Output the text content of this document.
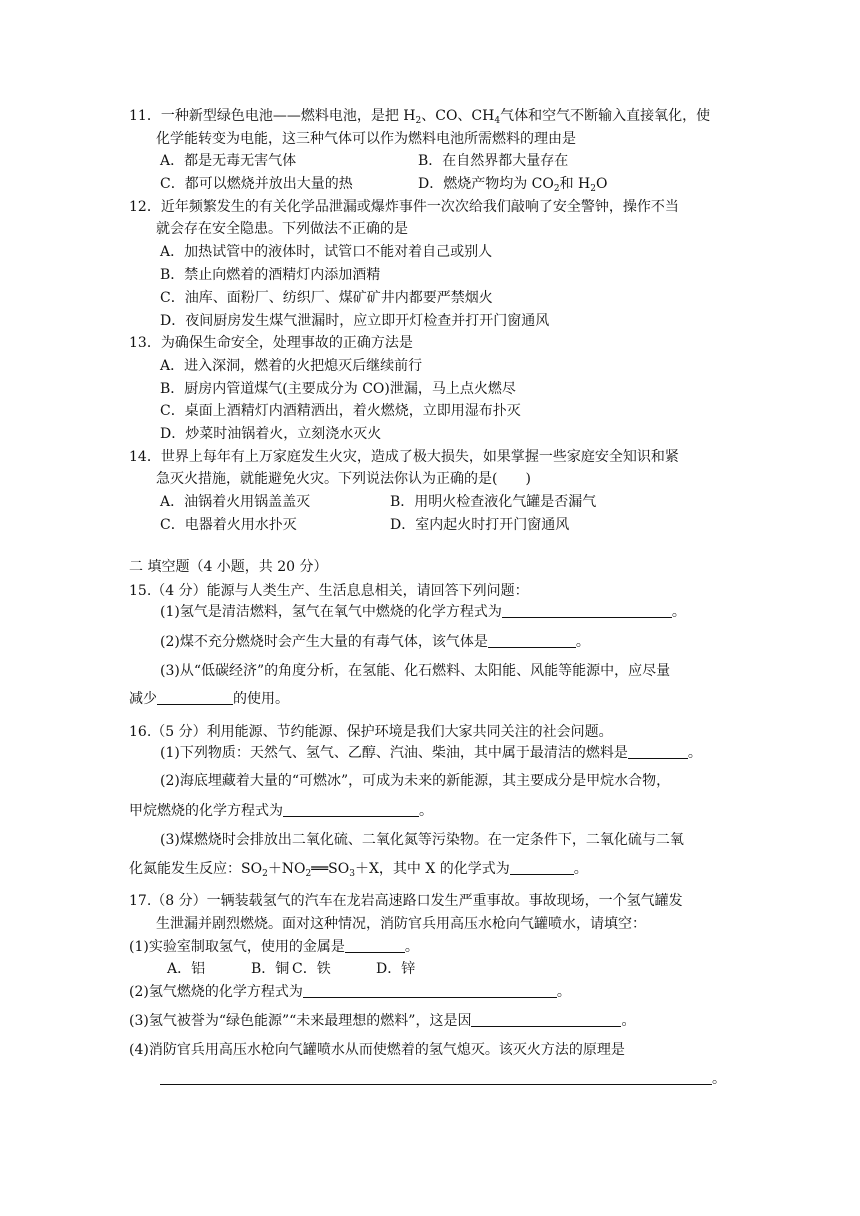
11．一种新型绿色电池——燃料电池，是把 $H_2$、CO、$CH_4$气体和空气不断输入直接氧化，使
化学能转变为电能，这三种气体可以作为燃料电池所需燃料的理由是
A．都是无毒无害气体	B．在自然界都大量存在
C．都可以燃烧并放出大量的热	D．燃烧产物均为 $CO_2$和 $H_2O$
12．近年频繁发生的有关化学品泄漏或爆炸事件一次次给我们敲响了安全警钟，操作不当
就会存在安全隐患。下列做法不正确的是
A．加热试管中的液体时，试管口不能对着自己或别人
B．禁止向燃着的酒精灯内添加酒精
C．油库、面粉厂、纺织厂、煤矿矿井内都要严禁烟火
D．夜间厨房发生煤气泄漏时，应立即开灯检查并打开门窗通风
13．为确保生命安全，处理事故的正确方法是
A．进入深洞，燃着的火把熄灭后继续前行
B．厨房内管道煤气(主要成分为 CO)泄漏，马上点火燃尽
C．桌面上酒精灯内酒精洒出，着火燃烧，立即用湿布扑灭
D．炒菜时油锅着火，立刻浇水灭火
14．世界上每年有上万家庭发生火灾，造成了极大损失，如果掌握一些家庭安全知识和紧
急灭火措施，就能避免火灾。下列说法你认为正确的是(　　)
A．油锅着火用锅盖盖灭	B．用明火检查液化气罐是否漏气
C．电器着火用水扑灭	D．室内起火时打开门窗通风
二 填空题（4 小题，共 20 分）
15.（4 分）能源与人类生产、生活息息相关，请回答下列问题：
(1)氢气是清洁燃料，氢气在氧气中燃烧的化学方程式为	。
(2)煤不充分燃烧时会产生大量的有毒气体，该气体是	。
(3)从“低碳经济”的角度分析，在氢能、化石燃料、太阳能、风能等能源中，应尽量
减少	的使用。
16.（5 分）利用能源、节约能源、保护环境是我们大家共同关注的社会问题。
(1)下列物质：天然气、氢气、乙醇、汽油、柴油，其中属于最清洁的燃料是	。
(2)海底埋藏着大量的“可燃冰”，可成为未来的新能源，其主要成分是甲烷水合物，
甲烷燃烧的化学方程式为	。
(3)煤燃烧时会排放出二氧化硫、二氧化氮等污染物。在一定条件下，二氧化硫与二氧
化氮能发生反应：$SO_2+NO_2══SO_3+X$，其中 X 的化学式为	。
17.（8 分）一辆装载氢气的汽车在龙岩高速路口发生严重事故。事故现场，一个氢气罐发
生泄漏并剧烈燃烧。面对这种情况，消防官兵用高压水枪向气罐喷水，请填空：
(1)实验室制取氢气，使用的金属是	。
A．铝	B．铜 C．铁	D．锌
(2)氢气燃烧的化学方程式为	。
(3)氢气被誉为“绿色能源”“未来最理想的燃料”，这是因	。
(4)消防官兵用高压水枪向气罐喷水从而使燃着的氢气熄灭。该灭火方法的原理是
。
